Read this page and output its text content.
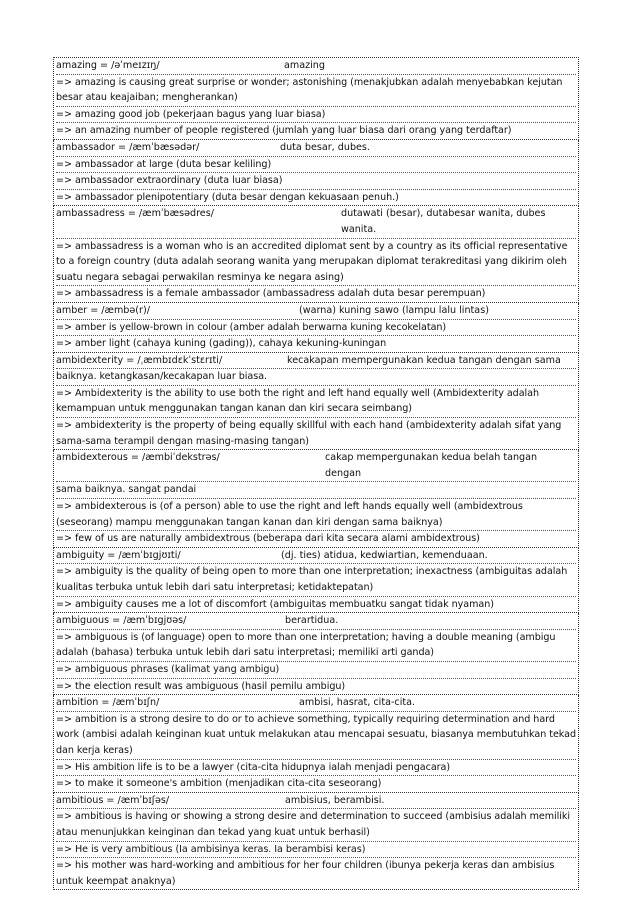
amazing = /əˈmeɪzɪŋ/	amazing
=> amazing is causing great surprise or wonder; astonishing (menakjubkan adalah menyebabkan kejutan besar atau keajaiban; mengherankan)
=> amazing good job (pekerjaan bagus yang luar biasa)
=> an amazing number of people registered (jumlah yang luar biasa dari orang yang terdaftar)
ambassador = /æmˈbæsədər/	duta besar, dubes.
=> ambassador at large (duta besar keliling)
=> ambassador extraordinary (duta luar biasa)
=> ambassador plenipotentiary (duta besar dengan kekuasaan penuh.)
ambassadress = /æmˈbæsədres/	dutawati (besar), dutabesar wanita, dubes wanita.
=> ambassadress is a woman who is an accredited diplomat sent by a country as its official representative to a foreign country (duta adalah seorang wanita yang merupakan diplomat terakreditasi yang dikirim oleh suatu negara sebagai perwakilan resminya ke negara asing)
=> ambassadress is a female ambassador (ambassadress adalah duta besar perempuan)
amber = /æmbə(r)/	(warna) kuning sawo (lampu lalu lintas)
=> amber is yellow-brown in colour (amber adalah berwarna kuning kecokelatan)
=> amber light (cahaya kuning (gading)), cahaya kekuning-kuningan
ambidexterity = /ˌæmbɪdɛkˈstɛrɪti/	kecakapan mempergunakan kedua tangan dengan sama
baiknya. ketangkasan/kecakapan luar biasa.
=> Ambidexterity is the ability to use both the right and left hand equally well (Ambidexterity adalah kemampuan untuk menggunakan tangan kanan dan kiri secara seimbang)
=> ambidexterity is the property of being equally skillful with each hand (ambidexterity adalah sifat yang sama-sama terampil dengan masing-masing tangan)
ambidexterous = /æmbiˈdekstrəs/	cakap mempergunakan kedua belah tangan dengan
sama baiknya. sangat pandai
=> ambidexterous is (of a person) able to use the right and left hands equally well (ambidextrous (seseorang) mampu menggunakan tangan kanan dan kiri dengan sama baiknya)
=> few of us are naturally ambidextrous (beberapa dari kita secara alami ambidextrous)
ambiguity = /æmˈbɪgjʊɪti/	(dj. ties) atidua, kedwiartian, kemenduaan.
=> ambiguity is the quality of being open to more than one interpretation; inexactness (ambiguitas adalah kualitas terbuka untuk lebih dari satu interpretasi; ketidaktepatan)
=> ambiguity causes me a lot of discomfort (ambiguitas membuatku sangat tidak nyaman)
ambiguous = /æmˈbɪgjʊəs/	berartidua.
=> ambiguous is (of language) open to more than one interpretation; having a double meaning (ambigu adalah (bahasa) terbuka untuk lebih dari satu interpretasi; memiliki arti ganda)
=> ambiguous phrases (kalimat yang ambigu)
=> the election result was ambiguous (hasil pemilu ambigu)
ambition = /æmˈbɪʃn/	ambisi, hasrat, cita-cita.
=> ambition is a strong desire to do or to achieve something, typically requiring determination and hard work (ambisi adalah keinginan kuat untuk melakukan atau mencapai sesuatu, biasanya membutuhkan tekad dan kerja keras)
=> His ambition life is to be a lawyer (cita-cita hidupnya ialah menjadi pengacara)
=> to make it someone's ambition (menjadikan cita-cita seseorang)
ambitious = /æmˈbɪʃəs/	ambisius, berambisi.
=> ambitious is having or showing a strong desire and determination to succeed (ambisius adalah memiliki atau menunjukkan keinginan dan tekad yang kuat untuk berhasil)
=> He is very ambitious (Ia ambisinya keras. Ia berambisi keras)
=> his mother was hard-working and ambitious for her four children (ibunya pekerja keras dan ambisius untuk keempat anaknya)
